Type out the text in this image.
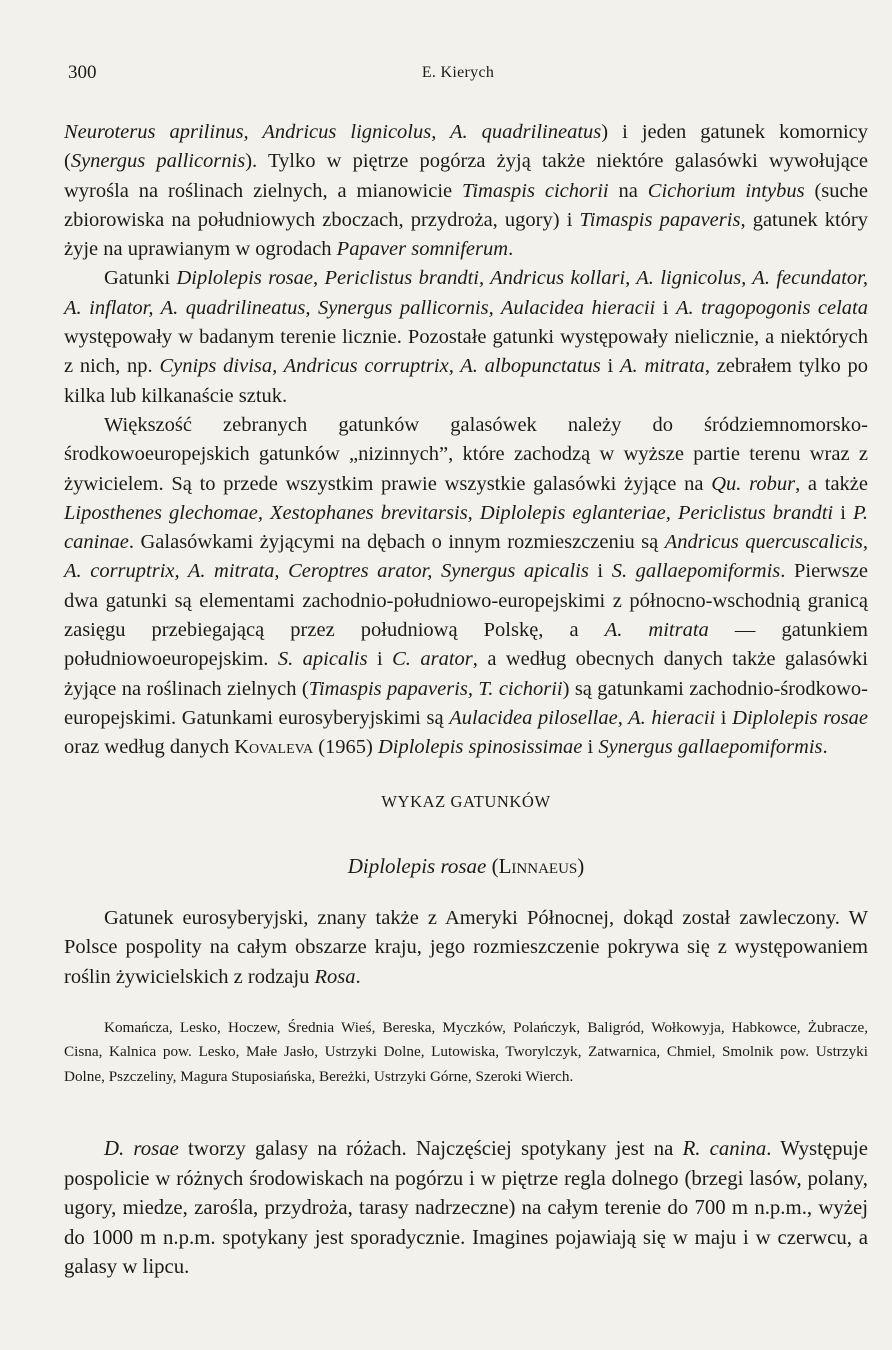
300	E. Kierych

Neuroterus aprilinus, Andricus lignicolus, A. quadrilineatus) i jeden gatunek komornicy (Synergus pallicornis). Tylko w piętrze pogórza żyją także niektóre galasówki wywołujące wyrośla na roślinach zielnych, a mianowicie Timaspis cichorii na Cichorium intybus (suche zbiorowiska na południowych zboczach, przydroża, ugory) i Timaspis papaveris, gatunek który żyje na uprawianym w ogrodach Papaver somniferum.

Gatunki Diplolepis rosae, Periclistus brandti, Andricus kollari, A. lignicolus, A. fecundator, A. inflator, A. quadrilineatus, Synergus pallicornis, Aulacidea hieracii i A. tragopogonis celata występowały w badanym terenie licznie. Pozostałe gatunki występowały nielicznie, a niektórych z nich, np. Cynips divisa, Andricus corruptrix, A. albopunctatus i A. mitrata, zebrałem tylko po kilka lub kilkanaście sztuk.

Większość zebranych gatunków galasówek należy do śródziemnomorsko-środkowoeuropejskich gatunków „nizinnych”, które zachodzą w wyższe partie terenu wraz z żywicielem. Są to przede wszystkim prawie wszystkie galasówki żyjące na Qu. robur, a także Liposthenes glechomae, Xestophanes brevitarsis, Diplolepis eglanteriae, Periclistus brandti i P. caninae. Galasówkami żyjącymi na dębach o innym rozmieszczeniu są Andricus quercuscalicis, A. corruptrix, A. mitrata, Ceroptres arator, Synergus apicalis i S. gallaepomiformis. Pierwsze dwa gatunki są elementami zachodnio-południowo-europejskimi z północno-wschodnią granicą zasięgu przebiegającą przez południową Polskę, a A. mitrata — gatunkiem południowoeuropejskim. S. apicalis i C. arator, a według obecnych danych także galasówki żyjące na roślinach zielnych (Timaspis papaveris, T. cichorii) są gatunkami zachodnio-środkowo-europejskimi. Gatunkami eurosyberyjskimi są Aulacidea pilosellae, A. hieracii i Diplolepis rosae oraz według danych Kovaleva (1965) Diplolepis spinosissimae i Synergus gallaepomiformis.

WYKAZ GATUNKÓW
Diplolepis rosae (Linnaeus)

Gatunek eurosyberyjski, znany także z Ameryki Północnej, dokąd został zawleczony. W Polsce pospolity na całym obszarze kraju, jego rozmieszczenie pokrywa się z występowaniem roślin żywicielskich z rodzaju Rosa.

Komańcza, Lesko, Hoczew, Średnia Wieś, Bereska, Myczków, Polańczyk, Baligród, Wołkowyja, Habkowce, Żubracze, Cisna, Kalnica pow. Lesko, Małe Jasło, Ustrzyki Dolne, Lutowiska, Tworylczyk, Zatwarnica, Chmiel, Smolnik pow. Ustrzyki Dolne, Pszczeliny, Magura Stuposiańska, Bereżki, Ustrzyki Górne, Szeroki Wierch.

D. rosae tworzy galasy na różach. Najczęściej spotykany jest na R. canina. Występuje pospolicie w różnych środowiskach na pogórzu i w piętrze regla dolnego (brzegi lasów, polany, ugory, miedze, zarośla, przydroża, tarasy nadrzeczne) na całym terenie do 700 m n.p.m., wyżej do 1000 m n.p.m. spotykany jest sporadycznie. Imagines pojawiają się w maju i w czerwcu, a galasy w lipcu.
